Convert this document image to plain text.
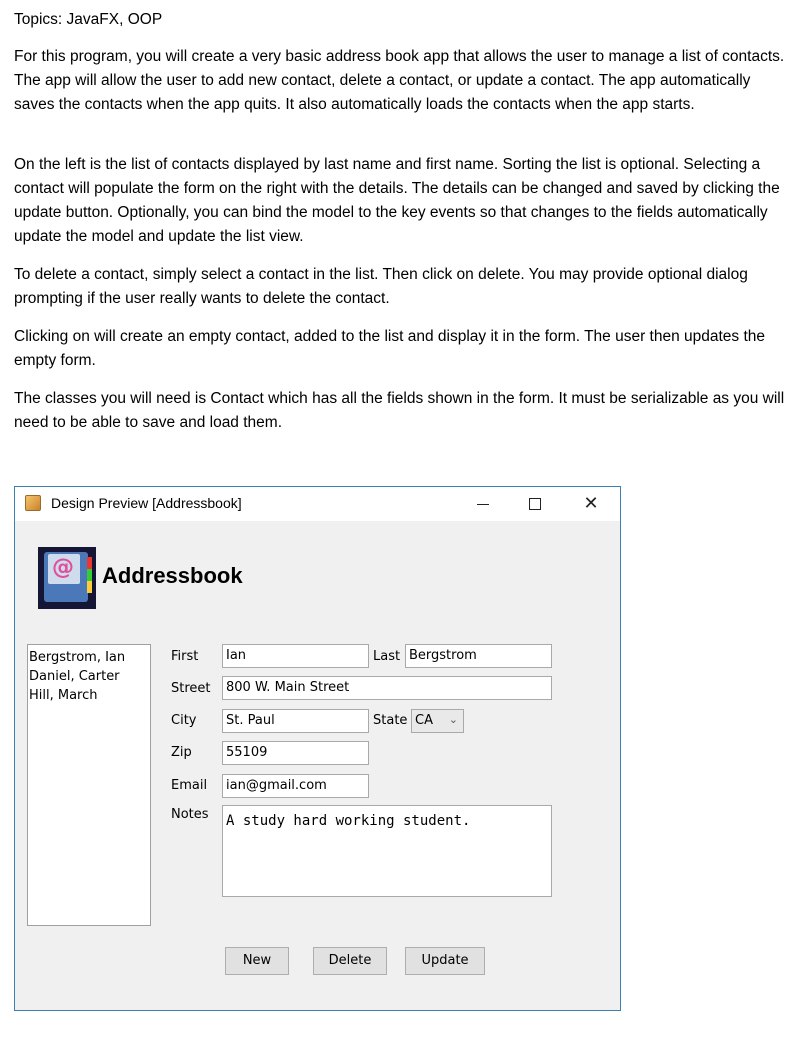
Topics: JavaFX, OOP

For this program, you will create a very basic address book app that allows the user to manage a list of contacts. The app will allow the user to add new contact, delete a contact, or update a contact. The app automatically saves the contacts when the app quits. It also automatically loads the contacts when the app starts.

On the left is the list of contacts displayed by last name and first name. Sorting the list is optional. Selecting a contact will populate the form on the right with the details. The details can be changed and saved by clicking the update button. Optionally, you can bind the model to the key events so that changes to the fields automatically update the model and update the list view.

To delete a contact, simply select a contact in the list. Then click on delete. You may provide optional dialog prompting if the user really wants to delete the contact.

Clicking on will create an empty contact, added to the list and display it in the form. The user then updates the empty form.

The classes you will need is Contact which has all the fields shown in the form. It must be serializable as you will need to be able to save and load them.

Design Preview [Addressbook]	✕
@ Addressbook
Bergstrom, Ian
Daniel, Carter
Hill, March
First	Ian	Last Bergstrom
Street	800 W. Main Street
City	St. Paul	State CA ⌄
Zip	55109
Email	ian@gmail.com
Notes A study hard working student.
New	Delete	Update
